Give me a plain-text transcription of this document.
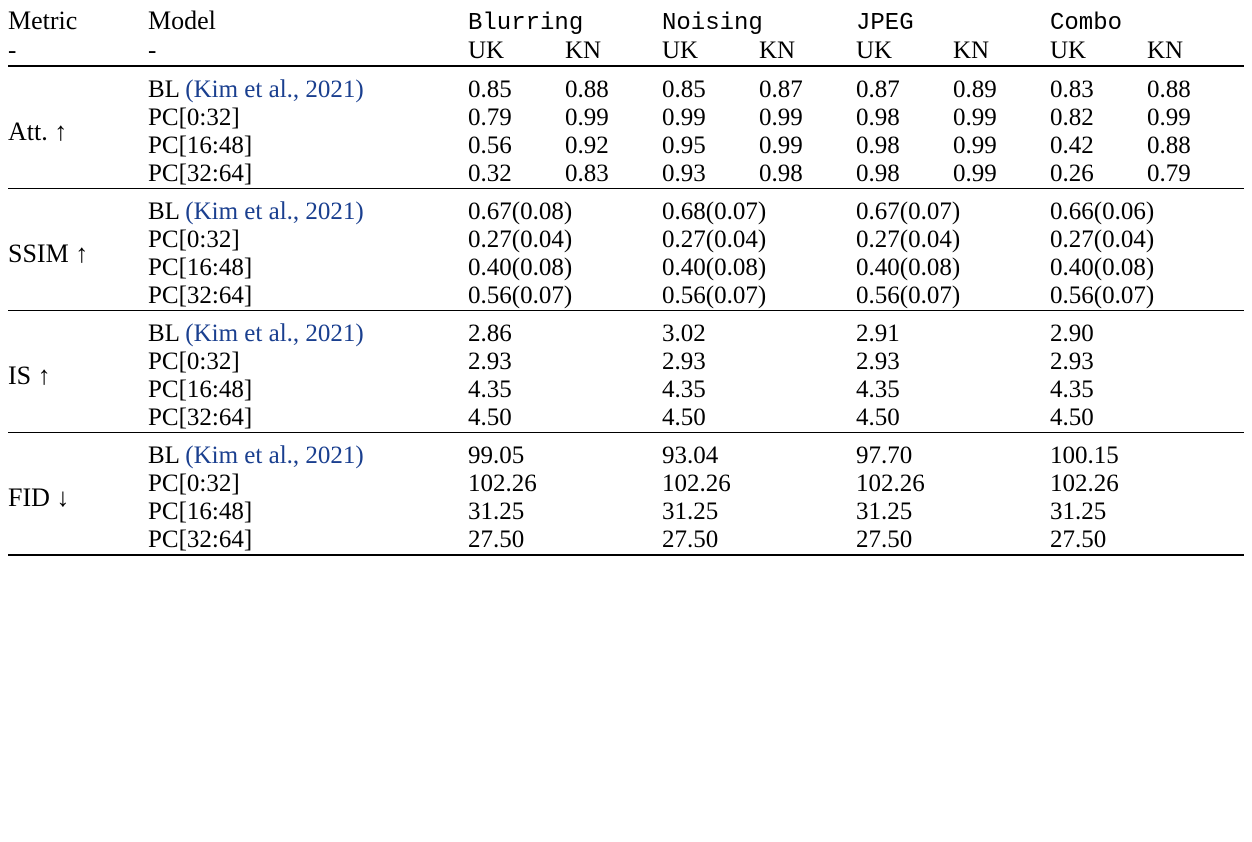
Metric	Model	Blurring		Noising		JPEG		Combo	
-	-	UK	KN	UK	KN	UK	KN	UK	KN

Att. ↑	BL (Kim et al., 2021)	0.85	0.88	0.85	0.87	0.87	0.89	0.83	0.88
	PC[0:32]	0.79	0.99	0.99	0.99	0.98	0.99	0.82	0.99
	PC[16:48]	0.56	0.92	0.95	0.99	0.98	0.99	0.42	0.88
	PC[32:64]	0.32	0.83	0.93	0.98	0.98	0.99	0.26	0.79

SSIM ↑	BL (Kim et al., 2021)	0.67(0.08)		0.68(0.07)		0.67(0.07)		0.66(0.06)	
	PC[0:32]	0.27(0.04)		0.27(0.04)		0.27(0.04)		0.27(0.04)	
	PC[16:48]	0.40(0.08)		0.40(0.08)		0.40(0.08)		0.40(0.08)	
	PC[32:64]	0.56(0.07)		0.56(0.07)		0.56(0.07)		0.56(0.07)	

IS ↑	BL (Kim et al., 2021)	2.86		3.02		2.91		2.90	
	PC[0:32]	2.93		2.93		2.93		2.93	
	PC[16:48]	4.35		4.35		4.35		4.35	
	PC[32:64]	4.50		4.50		4.50		4.50	

FID ↓	BL (Kim et al., 2021)	99.05		93.04		97.70		100.15	
	PC[0:32]	102.26		102.26		102.26		102.26	
	PC[16:48]	31.25		31.25		31.25		31.25	
	PC[32:64]	27.50		27.50		27.50		27.50	
